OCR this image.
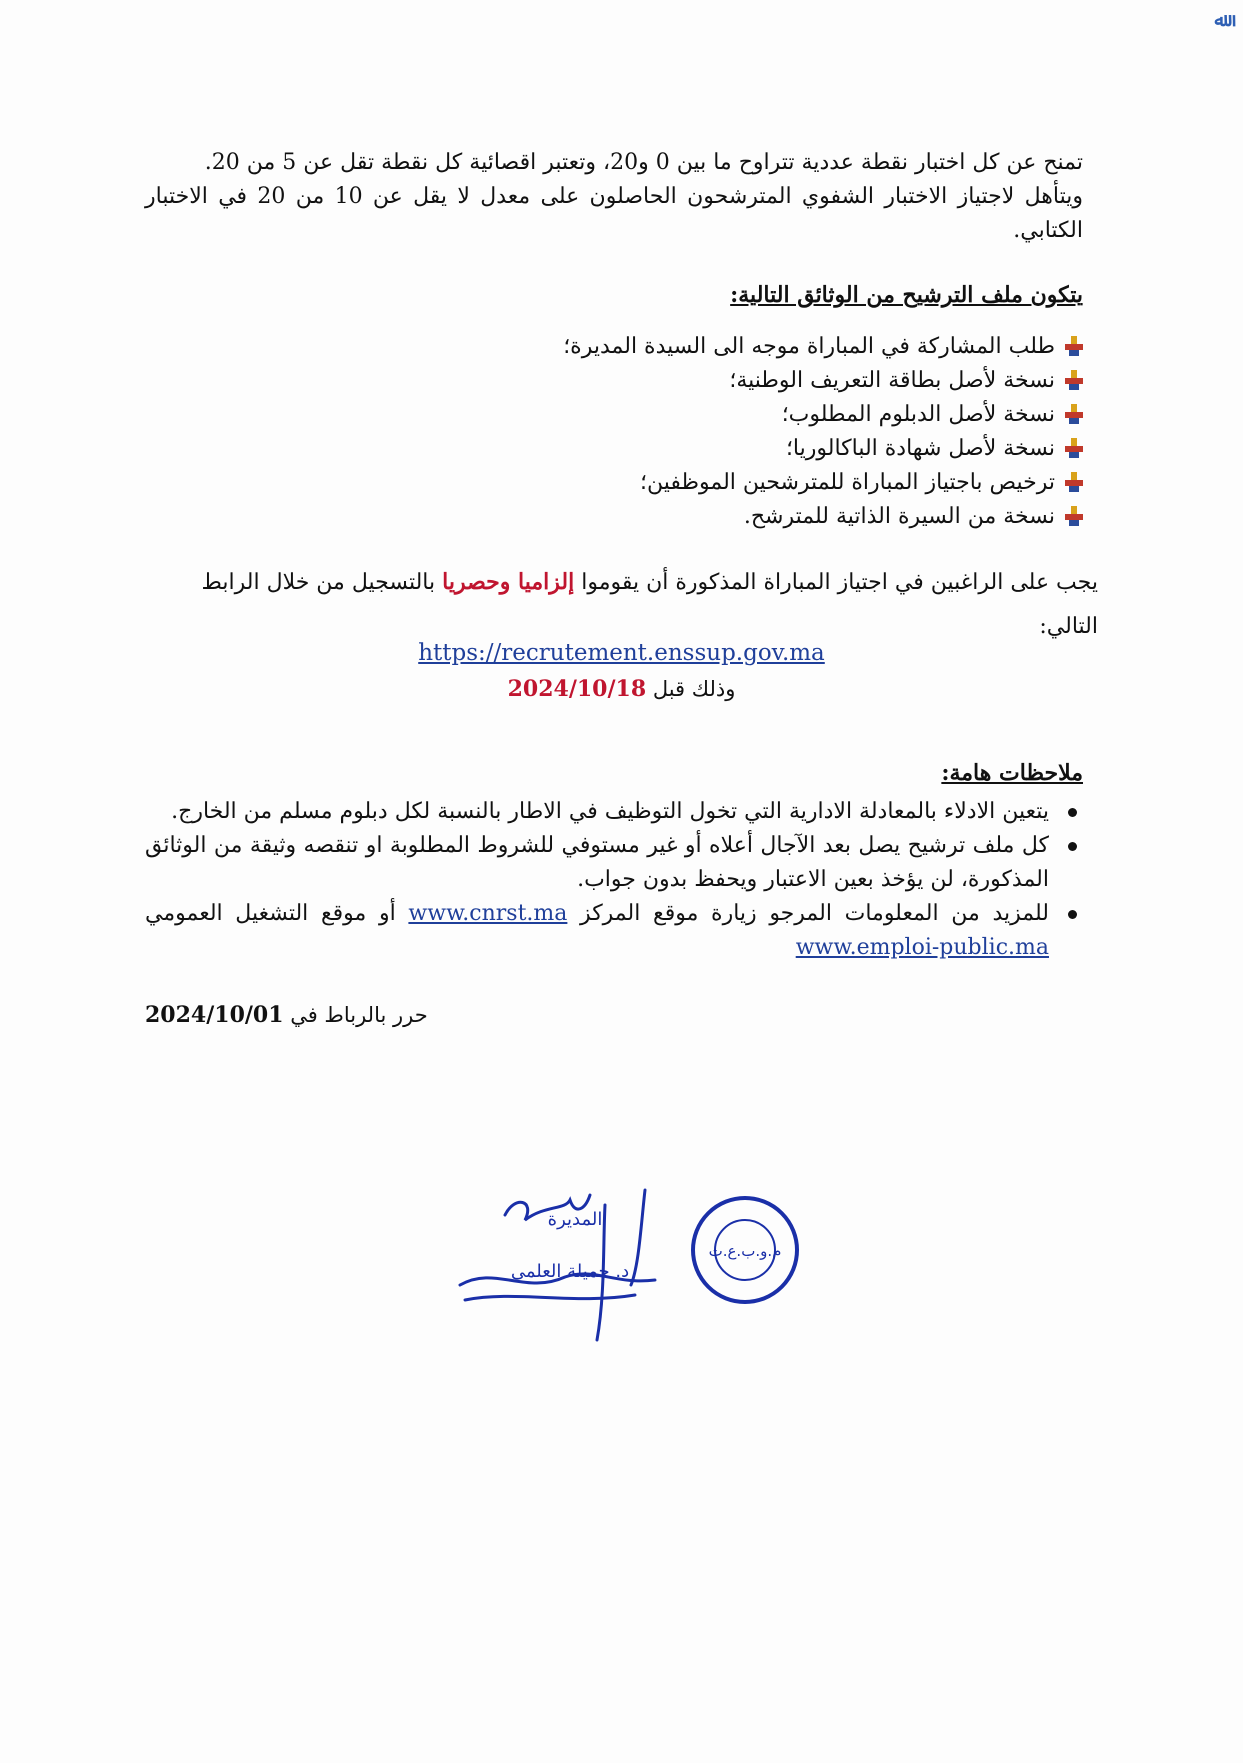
ﷲ

تمنح عن كل اختبار نقطة عددية تتراوح ما بين 0 و20، وتعتبر اقصائية كل نقطة تقل عن 5 من 20.

ويتأهل لاجتياز الاختبار الشفوي المترشحون الحاصلون على معدل لا يقل عن 10 من 20 في الاختبار الكتابي.

يتكون ملف الترشيح من الوثائق التالية:
طلب المشاركة في المباراة موجه الى السيدة المديرة؛
نسخة لأصل بطاقة التعريف الوطنية؛
نسخة لأصل الدبلوم المطلوب؛
نسخة لأصل شهادة الباكالوريا؛
ترخيص باجتياز المباراة للمترشحين الموظفين؛
نسخة من السيرة الذاتية للمترشح.
يجب على الراغبين في اجتياز المباراة المذكورة أن يقوموا إلزاميا وحصريا بالتسجيل من خلال الرابط التالي:
https://recrutement.enssup.gov.ma
وذلك قبل 2024/10/18
ملاحظات هامة:
يتعين الادلاء بالمعادلة الادارية التي تخول التوظيف في الاطار بالنسبة لكل دبلوم مسلم من الخارج.
كل ملف ترشيح يصل بعد الآجال أعلاه أو غير مستوفي للشروط المطلوبة او تنقصه وثيقة من الوثائق المذكورة، لن يؤخذ بعين الاعتبار ويحفظ بدون جواب.
للمزيد من المعلومات المرجو زيارة موقع المركز www.cnrst.ma أو موقع التشغيل العمومي www.emploi-public.ma
حرر بالرباط في 2024/10/01
م.و.ب.ع.ت
المديرة
د. جميلة العلمي
